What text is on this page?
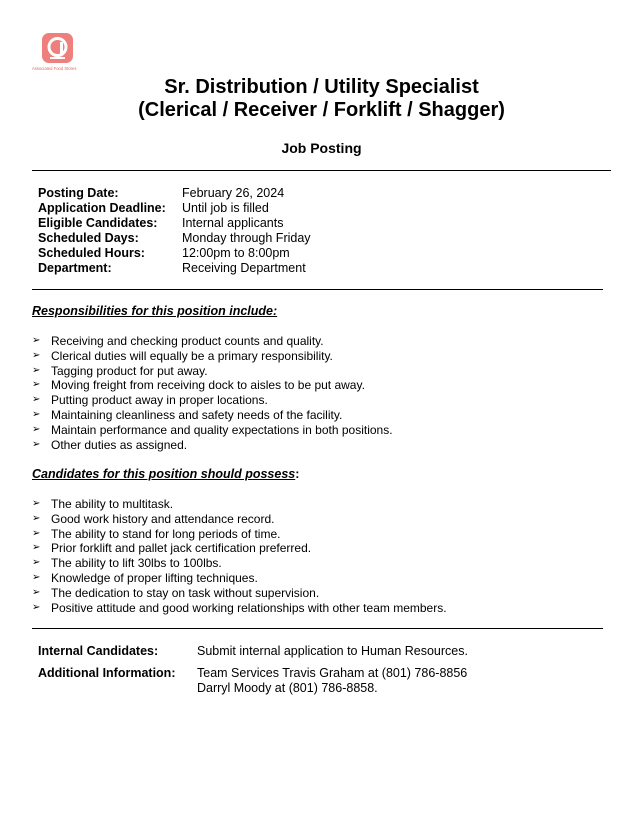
Associated Food Stores
Sr. Distribution / Utility Specialist
(Clerical / Receiver / Forklift / Shagger)
Job Posting
Posting Date:	February 26, 2024
Application Deadline:	Until job is filled
Eligible Candidates:	Internal applicants
Scheduled Days:	Monday through Friday
Scheduled Hours:	12:00pm to 8:00pm
Department:	Receiving Department
Responsibilities for this position include:
➢ Receiving and checking product counts and quality.
➢ Clerical duties will equally be a primary responsibility.
➢ Tagging product for put away.
➢ Moving freight from receiving dock to aisles to be put away.
➢ Putting product away in proper locations.
➢ Maintaining cleanliness and safety needs of the facility.
➢ Maintain performance and quality expectations in both positions.
➢ Other duties as assigned.
Candidates for this position should possess:
➢ The ability to multitask.
➢ Good work history and attendance record.
➢ The ability to stand for long periods of time.
➢ Prior forklift and pallet jack certification preferred.
➢ The ability to lift 30lbs to 100lbs.
➢ Knowledge of proper lifting techniques.
➢ The dedication to stay on task without supervision.
➢ Positive attitude and good working relationships with other team members.
Internal Candidates:	Submit internal application to Human Resources.
Additional Information:	Team Services Travis Graham at (801) 786-8856
Darryl Moody at (801) 786-8858.
